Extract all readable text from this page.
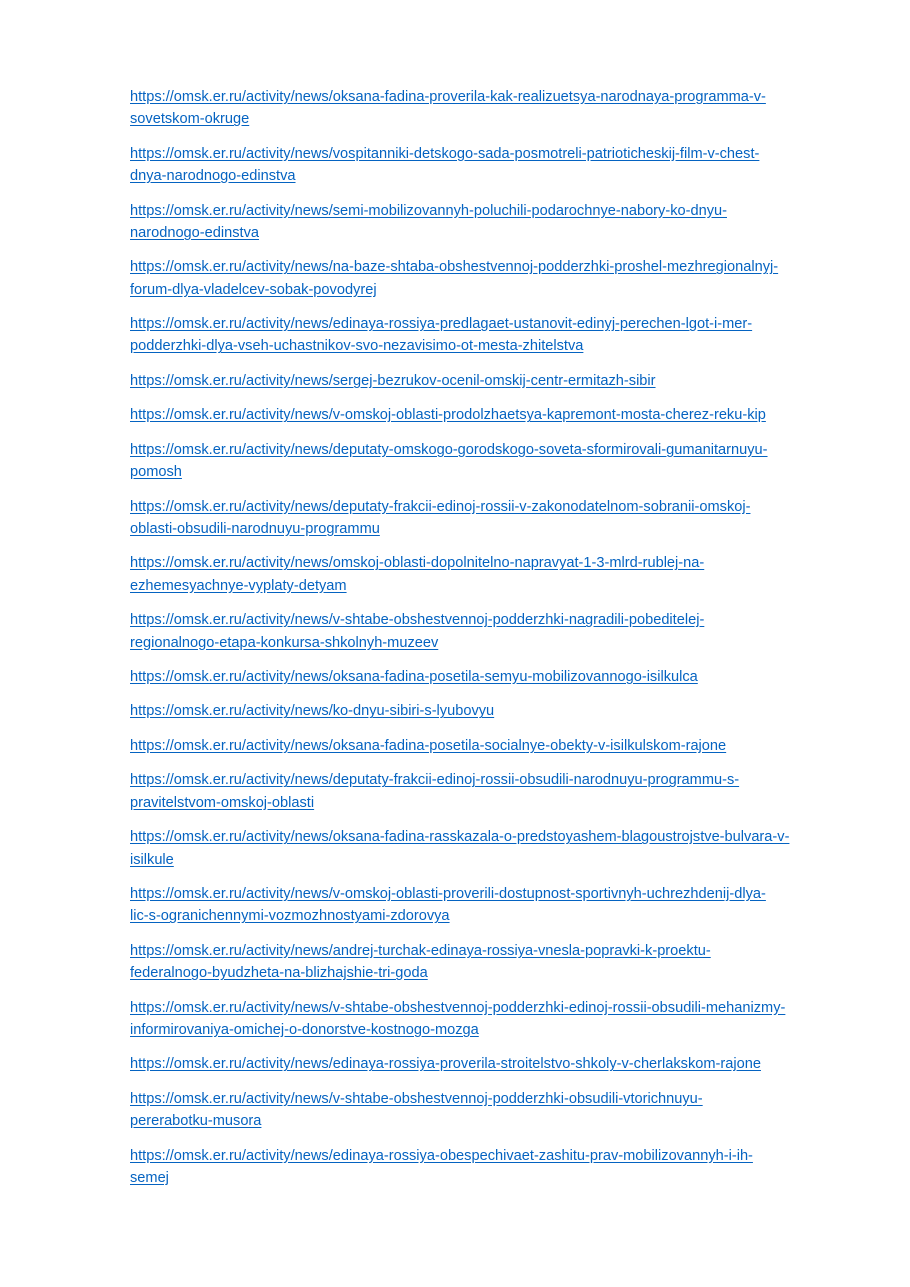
https://omsk.er.ru/activity/news/oksana-fadina-proverila-kak-realizuetsya-narodnaya-programma-v-
sovetskom-okruge
https://omsk.er.ru/activity/news/vospitanniki-detskogo-sada-posmotreli-patrioticheskij-film-v-chest-
dnya-narodnogo-edinstva
https://omsk.er.ru/activity/news/semi-mobilizovannyh-poluchili-podarochnye-nabory-ko-dnyu-
narodnogo-edinstva
https://omsk.er.ru/activity/news/na-baze-shtaba-obshestvennoj-podderzhki-proshel-mezhregionalnyj-
forum-dlya-vladelcev-sobak-povodyrej
https://omsk.er.ru/activity/news/edinaya-rossiya-predlagaet-ustanovit-edinyj-perechen-lgot-i-mer-
podderzhki-dlya-vseh-uchastnikov-svo-nezavisimo-ot-mesta-zhitelstva
https://omsk.er.ru/activity/news/sergej-bezrukov-ocenil-omskij-centr-ermitazh-sibir
https://omsk.er.ru/activity/news/v-omskoj-oblasti-prodolzhaetsya-kapremont-mosta-cherez-reku-kip
https://omsk.er.ru/activity/news/deputaty-omskogo-gorodskogo-soveta-sformirovali-gumanitarnuyu-
pomosh
https://omsk.er.ru/activity/news/deputaty-frakcii-edinoj-rossii-v-zakonodatelnom-sobranii-omskoj-
oblasti-obsudili-narodnuyu-programmu
https://omsk.er.ru/activity/news/omskoj-oblasti-dopolnitelno-napravyat-1-3-mlrd-rublej-na-
ezhemesyachnye-vyplaty-detyam
https://omsk.er.ru/activity/news/v-shtabe-obshestvennoj-podderzhki-nagradili-pobeditelej-
regionalnogo-etapa-konkursa-shkolnyh-muzeev
https://omsk.er.ru/activity/news/oksana-fadina-posetila-semyu-mobilizovannogo-isilkulca
https://omsk.er.ru/activity/news/ko-dnyu-sibiri-s-lyubovyu
https://omsk.er.ru/activity/news/oksana-fadina-posetila-socialnye-obekty-v-isilkulskom-rajone
https://omsk.er.ru/activity/news/deputaty-frakcii-edinoj-rossii-obsudili-narodnuyu-programmu-s-
pravitelstvom-omskoj-oblasti
https://omsk.er.ru/activity/news/oksana-fadina-rasskazala-o-predstoyashem-blagoustrojstve-bulvara-v-
isilkule
https://omsk.er.ru/activity/news/v-omskoj-oblasti-proverili-dostupnost-sportivnyh-uchrezhdenij-dlya-
lic-s-ogranichennymi-vozmozhnostyami-zdorovya
https://omsk.er.ru/activity/news/andrej-turchak-edinaya-rossiya-vnesla-popravki-k-proektu-
federalnogo-byudzheta-na-blizhajshie-tri-goda
https://omsk.er.ru/activity/news/v-shtabe-obshestvennoj-podderzhki-edinoj-rossii-obsudili-mehanizmy-
informirovaniya-omichej-o-donorstve-kostnogo-mozga
https://omsk.er.ru/activity/news/edinaya-rossiya-proverila-stroitelstvo-shkoly-v-cherlakskom-rajone
https://omsk.er.ru/activity/news/v-shtabe-obshestvennoj-podderzhki-obsudili-vtorichnuyu-
pererabotku-musora
https://omsk.er.ru/activity/news/edinaya-rossiya-obespechivaet-zashitu-prav-mobilizovannyh-i-ih-
semej
